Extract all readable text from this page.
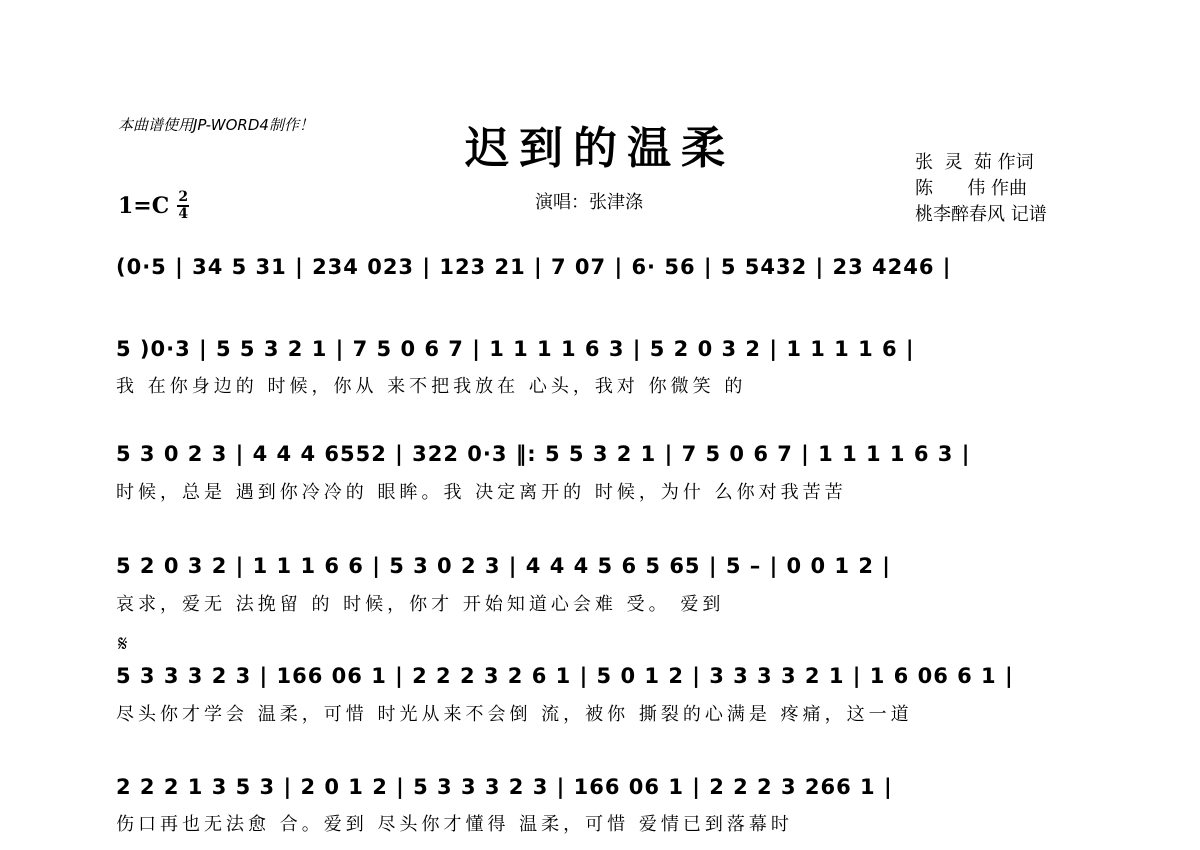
本曲谱使用JP-WORD4制作！	迟到的温柔
演唱：张津涤
张  灵  茹 作词
陈      伟 作曲
桃李醉春风 记谱
1=C 2
4
(0·5 | 34 5 31 | 234 023 | 123 21 | 7 07 | 6· 56 | 5 5432 | 23 4246 |
5 )0·3 | 5 5 3 2 1 | 7 5 0 6 7 | 1 1 1 1 6 3 | 5 2 0 3 2 | 1 1 1 1 6 |
我 在你身边的 时候，你从 来不把我放在 心头，我对 你微笑 的
5 3 0 2 3 | 4 4 4 6552 | 322 0·3 ‖: 5 5 3 2 1 | 7 5 0 6 7 | 1 1 1 1 6 3 |
时候，总是 遇到你冷冷的 眼眸。我 决定离开的 时候，为什 么你对我苦苦
5 2 0 3 2 | 1 1 1 6 6 | 5 3 0 2 3 | 4 4 4 5 6 5 65 | 5 – | 0 0 1 2 |
哀求，爱无 法挽留 的 时候，你才 开始知道心会难 受。 爱到
𝄋
5 3 3 3 2 3 | 166 06 1 | 2 2 2 3 2 6 1 | 5 0 1 2 | 3 3 3 3 2 1 | 1 6 06 6 1 |
尽头你才学会 温柔，可惜 时光从来不会倒 流，被你 撕裂的心满是 疼痛，这一道
2 2 2 1 3 5 3 | 2 0 1 2 | 5 3 3 3 2 3 | 166 06 1 | 2 2 2 3 266 1 |
伤口再也无法愈 合。爱到 尽头你才懂得 温柔，可惜 爱情已到落幕时
